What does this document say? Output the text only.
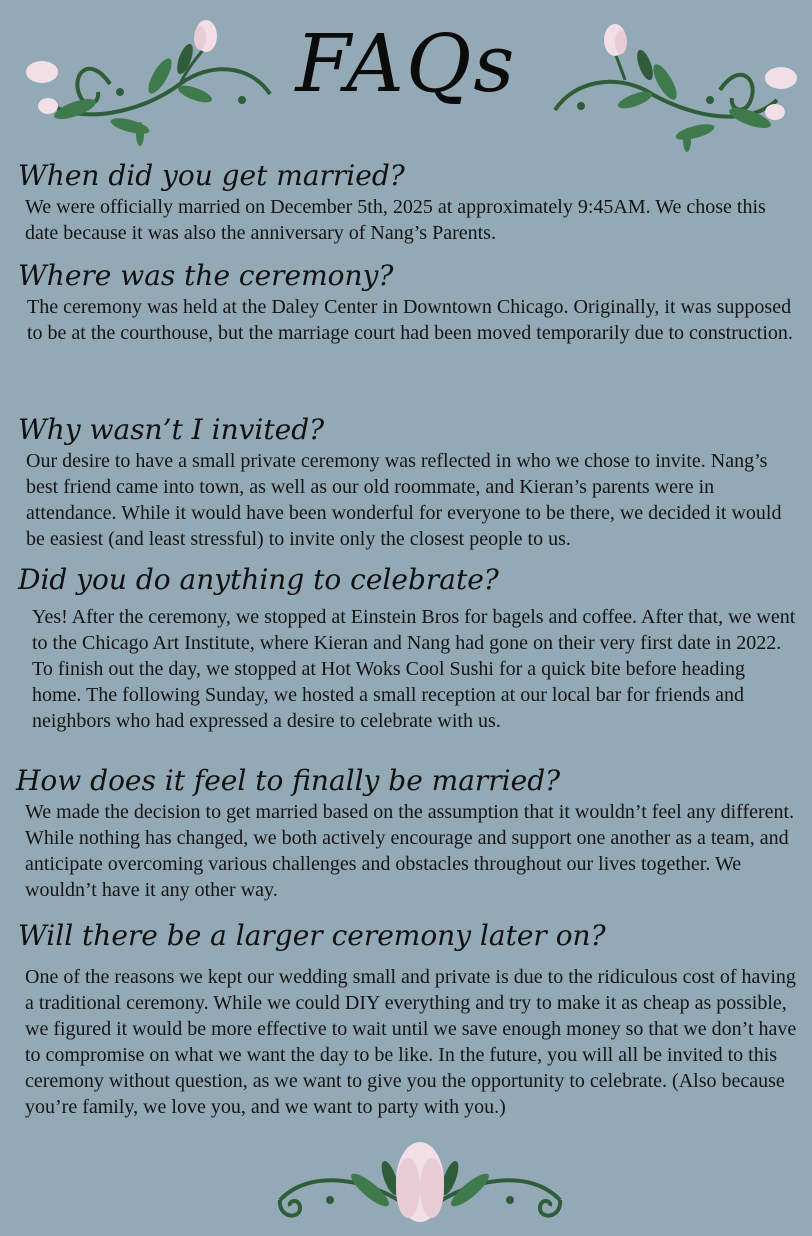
FAQs

When did you get married?

We were officially married on December 5th, 2025 at approximately 9:45AM. We chose this date because it was also the anniversary of Nang’s Parents.

Where was the ceremony?

The ceremony was held at the Daley Center in Downtown Chicago. Originally, it was supposed to be at the courthouse, but the marriage court had been moved temporarily due to construction.

Why wasn’t I invited?

Our desire to have a small private ceremony was reflected in who we chose to invite. Nang’s best friend came into town, as well as our old roommate, and Kieran’s parents were in attendance. While it would have been wonderful for everyone to be there, we decided it would be easiest (and least stressful) to invite only the closest people to us.

Did you do anything to celebrate?

Yes! After the ceremony, we stopped at Einstein Bros for bagels and coffee. After that, we went to the Chicago Art Institute, where Kieran and Nang had gone on their very first date in 2022. To finish out the day, we stopped at Hot Woks Cool Sushi for a quick bite before heading home. The following Sunday, we hosted a small reception at our local bar for friends and neighbors who had expressed a desire to celebrate with us.

How does it feel to finally be married?

We made the decision to get married based on the assumption that it wouldn’t feel any different. While nothing has changed, we both actively encourage and support one another as a team, and anticipate overcoming various challenges and obstacles throughout our lives together. We wouldn’t have it any other way.

Will there be a larger ceremony later on?

One of the reasons we kept our wedding small and private is due to the ridiculous cost of having a traditional ceremony. While we could DIY everything and try to make it as cheap as possible, we figured it would be more effective to wait until we save enough money so that we don’t have to compromise on what we want the day to be like. In the future, you will all be invited to this ceremony without question, as we want to give you the opportunity to celebrate. (Also because you’re family, we love you, and we want to party with you.)
